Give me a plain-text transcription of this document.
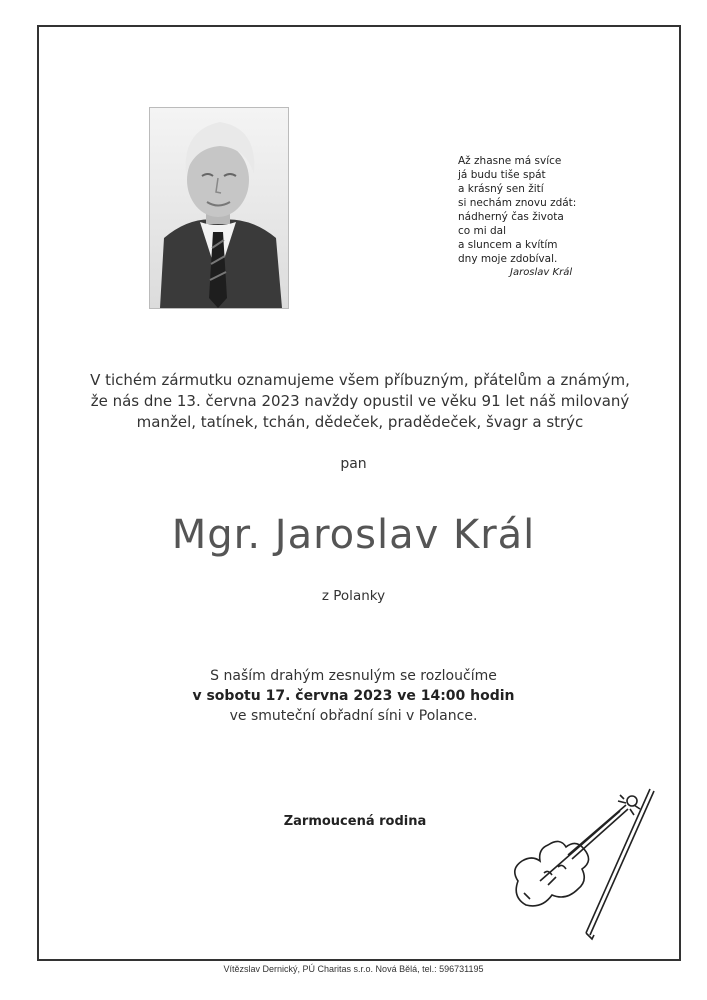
Až zhasne má svíce
já budu tiše spát
a krásný sen žití
si nechám znovu zdát:
nádherný čas života
co mi dal
a sluncem a kvítím
dny moje zdobíval.
Jaroslav Král
V tichém zármutku oznamujeme všem příbuzným, přátelům a známým,
že nás dne 13. června 2023 navždy opustil ve věku 91 let náš milovaný
manžel, tatínek, tchán, dědeček, pradědeček, švagr a strýc
pan
Mgr. Jaroslav Král
z Polanky
S naším drahým zesnulým se rozloučíme
v sobotu 17. června 2023 ve 14:00 hodin
ve smuteční obřadní síni v Polance.
Zarmoucená rodina
Vítězslav Dernický, PÚ Charitas s.r.o. Nová Bělá, tel.: 596731195
